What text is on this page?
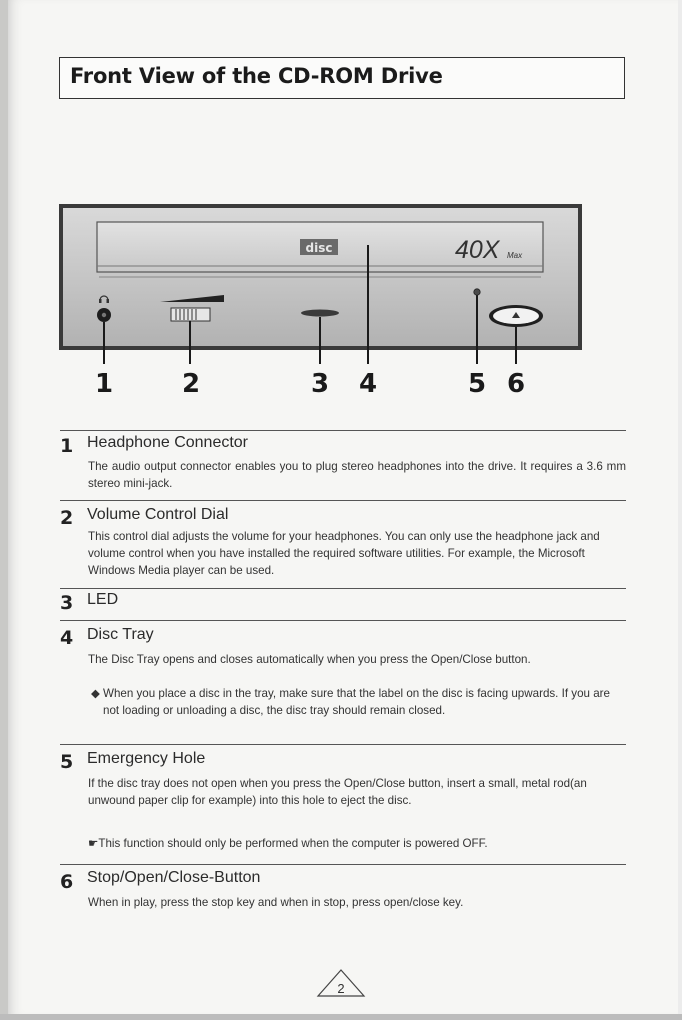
Front View of the CD-ROM Drive
disc	40X Max
1	2	3 4	5 6
1 Headphone Connector
The audio output connector enables you to plug stereo headphones into the drive. It requires a 3.6 mm stereo mini-jack.
2 Volume Control Dial
This control dial adjusts the volume for your headphones. You can only use the headphone jack and volume control when you have installed the required software utilities. For example, the Microsoft Windows Media player can be used.
3 LED
4 Disc Tray
The Disc Tray opens and closes automatically when you press the Open/Close button.
◆ When you place a disc in the tray, make sure that the label on the disc is facing upwards. If you are not loading or unloading a disc, the disc tray should remain closed.
5 Emergency Hole
If the disc tray does not open when you press the Open/Close button, insert a small, metal rod(an unwound paper clip for example) into this hole to eject the disc.
☛This function should only be performed when the computer is powered OFF.
6 Stop/Open/Close-Button
When in play, press the stop key and when in stop, press open/close key.
2
